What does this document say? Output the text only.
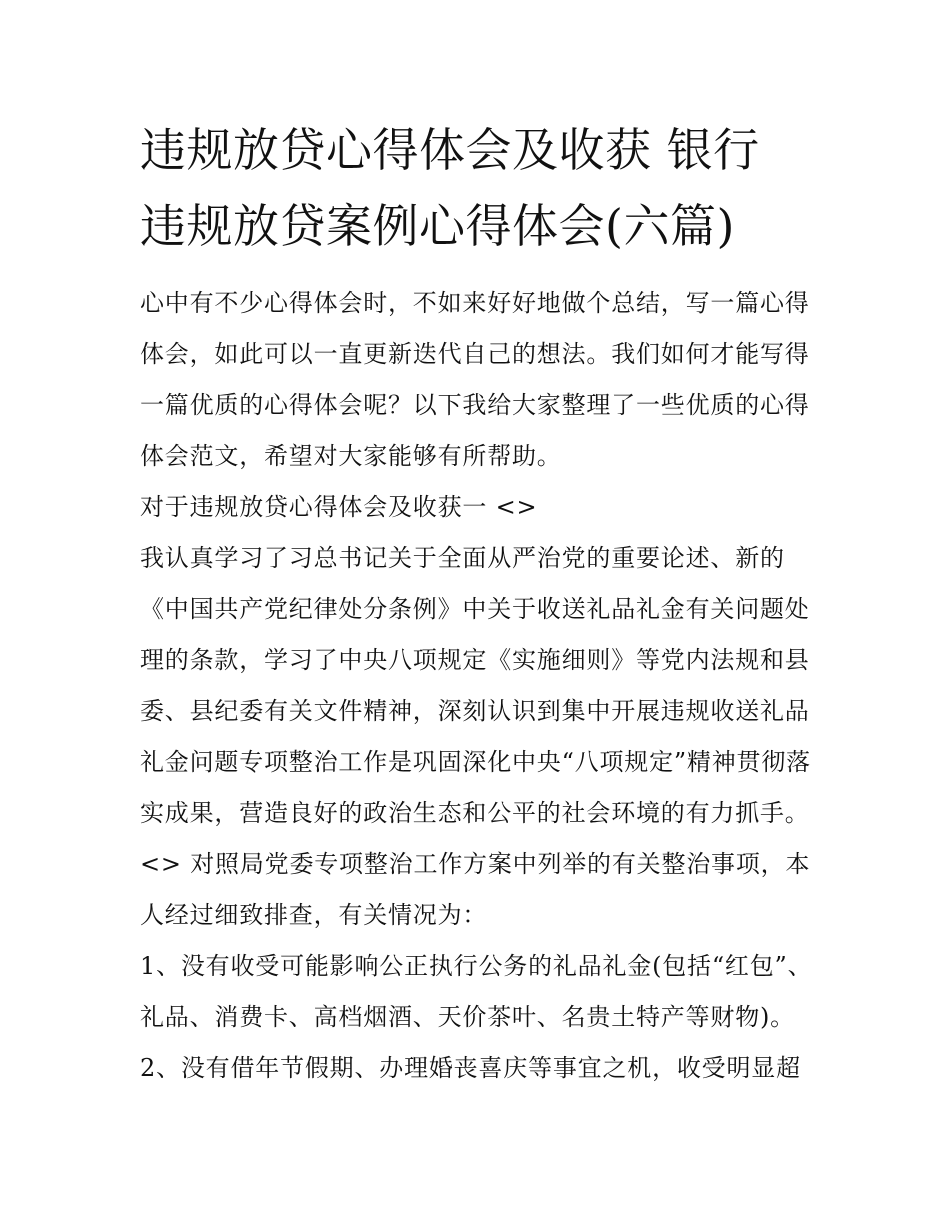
违规放贷心得体会及收获 银行
违规放贷案例心得体会(六篇)
心中有不少心得体会时，不如来好好地做个总结，写一篇心得
体会，如此可以一直更新迭代自己的想法。我们如何才能写得
一篇优质的心得体会呢？以下我给大家整理了一些优质的心得
体会范文，希望对大家能够有所帮助。
对于违规放贷心得体会及收获一 <>
我认真学习了习总书记关于全面从严治党的重要论述、新的
《中国共产党纪律处分条例》中关于收送礼品礼金有关问题处
理的条款，学习了中央八项规定《实施细则》等党内法规和县
委、县纪委有关文件精神，深刻认识到集中开展违规收送礼品
礼金问题专项整治工作是巩固深化中央“八项规定”精神贯彻落
实成果，营造良好的政治生态和公平的社会环境的有力抓手。
<> 对照局党委专项整治工作方案中列举的有关整治事项，本
人经过细致排查，有关情况为：
1、没有收受可能影响公正执行公务的礼品礼金(包括“红包”、
礼品、消费卡、高档烟酒、天价茶叶、名贵土特产等财物)。
2、没有借年节假期、办理婚丧喜庆等事宜之机，收受明显超
